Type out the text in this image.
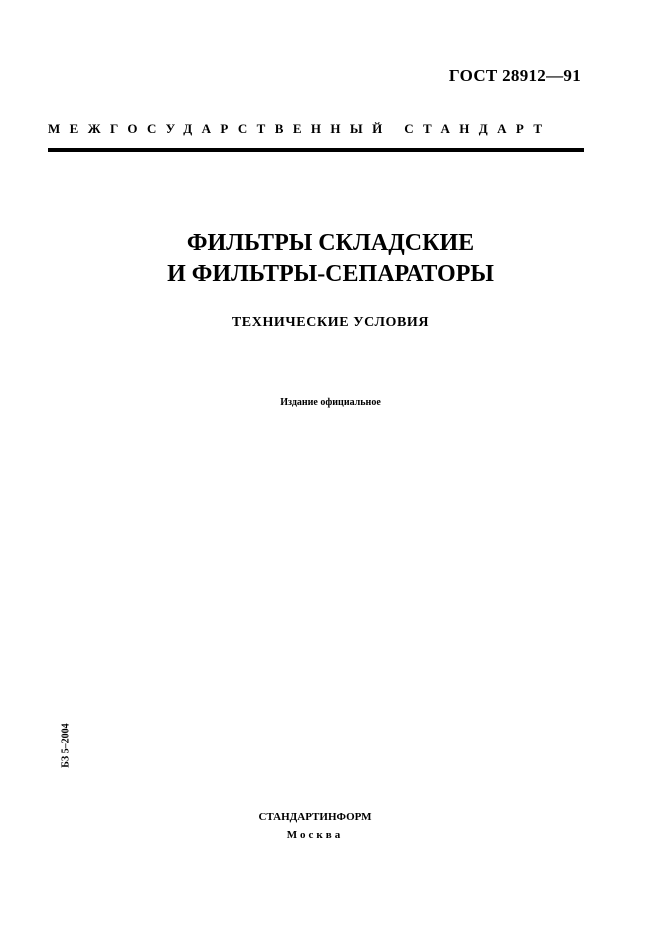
ГОСТ 28912—91
МЕЖГОСУДАРСТВЕННЫЙ СТАНДАРТ
ФИЛЬТРЫ СКЛАДСКИЕ
И ФИЛЬТРЫ-СЕПАРАТОРЫ
ТЕХНИЧЕСКИЕ УСЛОВИЯ
Издание официальное
БЗ 5–2004
СТАНДАРТИНФОРМ
Москва
